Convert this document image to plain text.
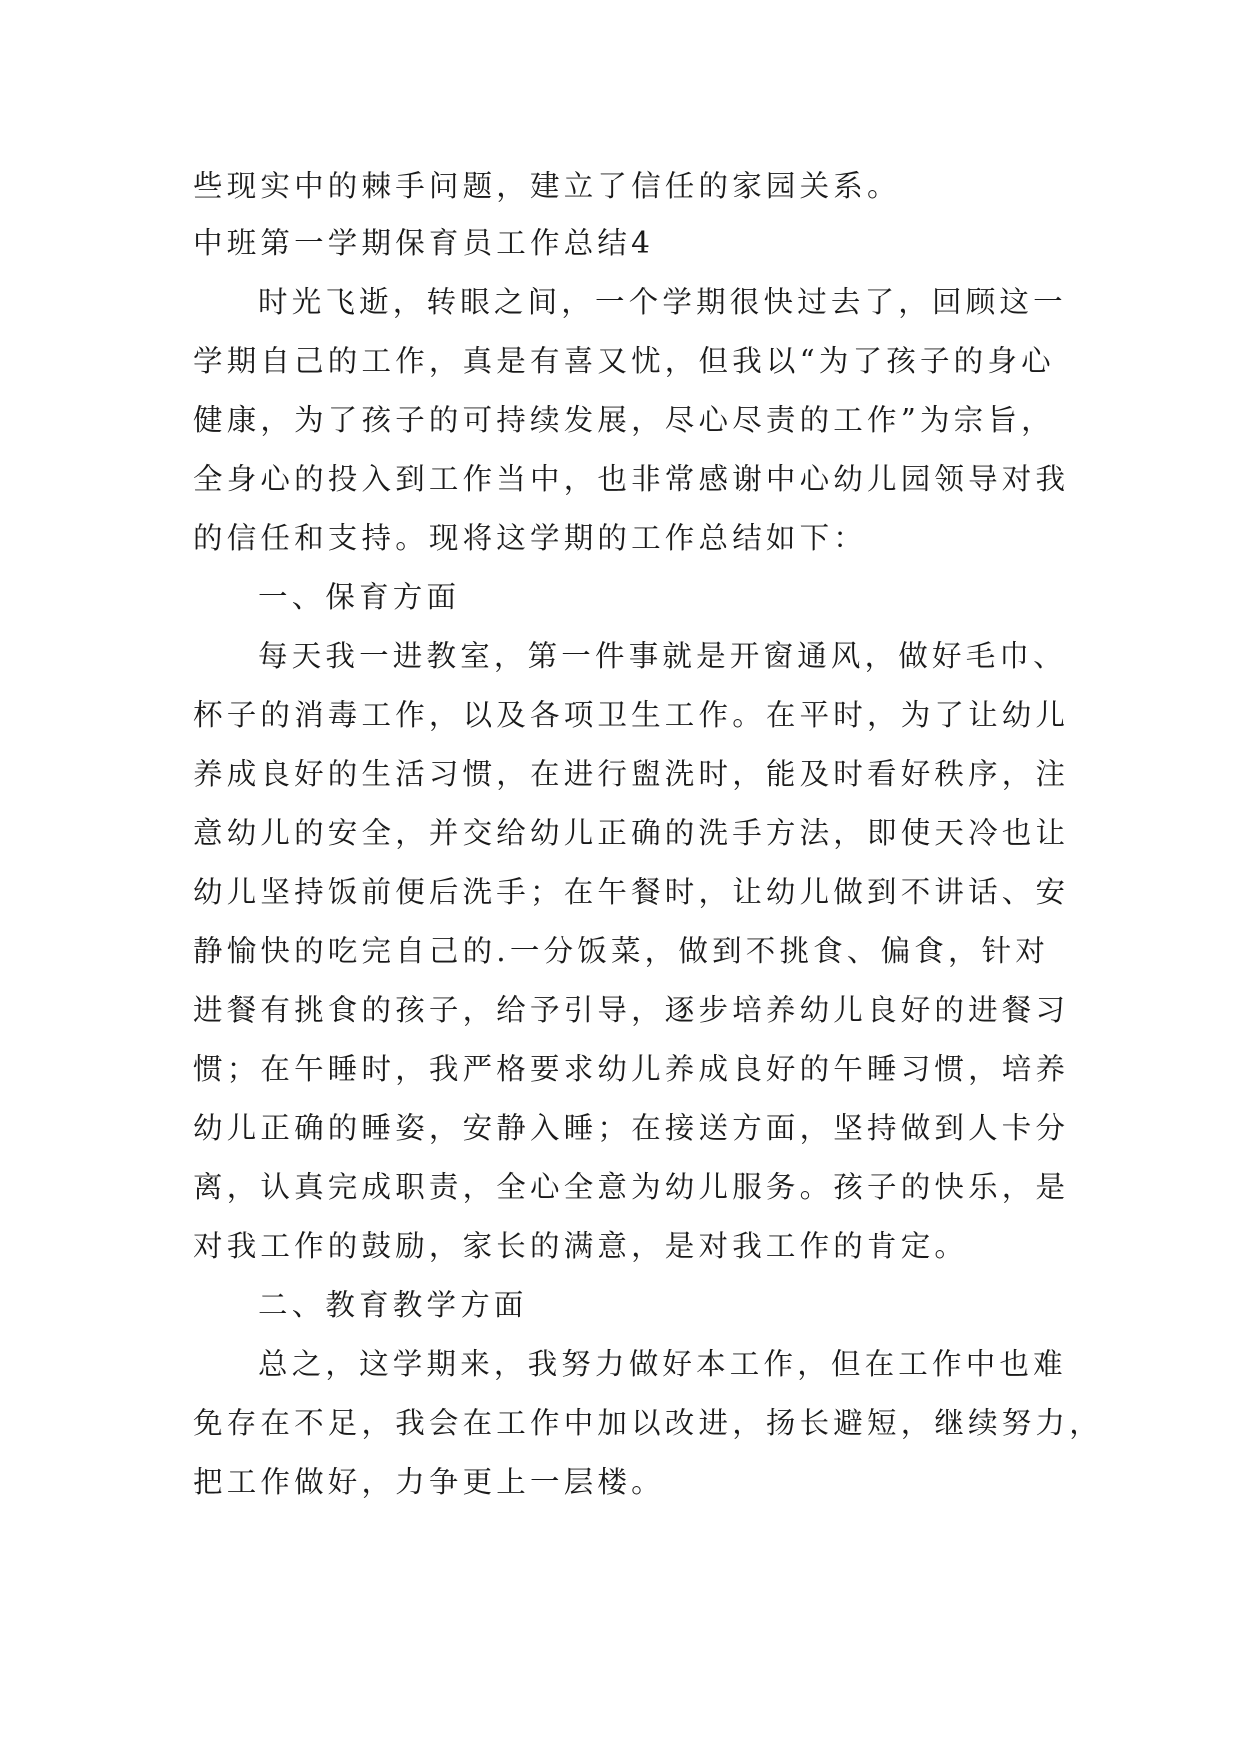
些现实中的棘手问题，建立了信任的家园关系。
中班第一学期保育员工作总结4
时光飞逝，转眼之间，一个学期很快过去了，回顾这一
学期自己的工作，真是有喜又忧，但我以“为了孩子的身心
健康，为了孩子的可持续发展，尽心尽责的工作”为宗旨，
全身心的投入到工作当中，也非常感谢中心幼儿园领导对我
的信任和支持。现将这学期的工作总结如下：
一、保育方面
每天我一进教室，第一件事就是开窗通风，做好毛巾、
杯子的消毒工作，以及各项卫生工作。在平时，为了让幼儿
养成良好的生活习惯，在进行盥洗时，能及时看好秩序，注
意幼儿的安全，并交给幼儿正确的洗手方法，即使天冷也让
幼儿坚持饭前便后洗手；在午餐时，让幼儿做到不讲话、安
静愉快的吃完自己的.一分饭菜，做到不挑食、偏食，针对
进餐有挑食的孩子，给予引导，逐步培养幼儿良好的进餐习
惯；在午睡时，我严格要求幼儿养成良好的午睡习惯，培养
幼儿正确的睡姿，安静入睡；在接送方面，坚持做到人卡分
离，认真完成职责，全心全意为幼儿服务。孩子的快乐，是
对我工作的鼓励，家长的满意，是对我工作的肯定。
二、教育教学方面
总之，这学期来，我努力做好本工作，但在工作中也难
免存在不足，我会在工作中加以改进，扬长避短，继续努力，
把工作做好，力争更上一层楼。
